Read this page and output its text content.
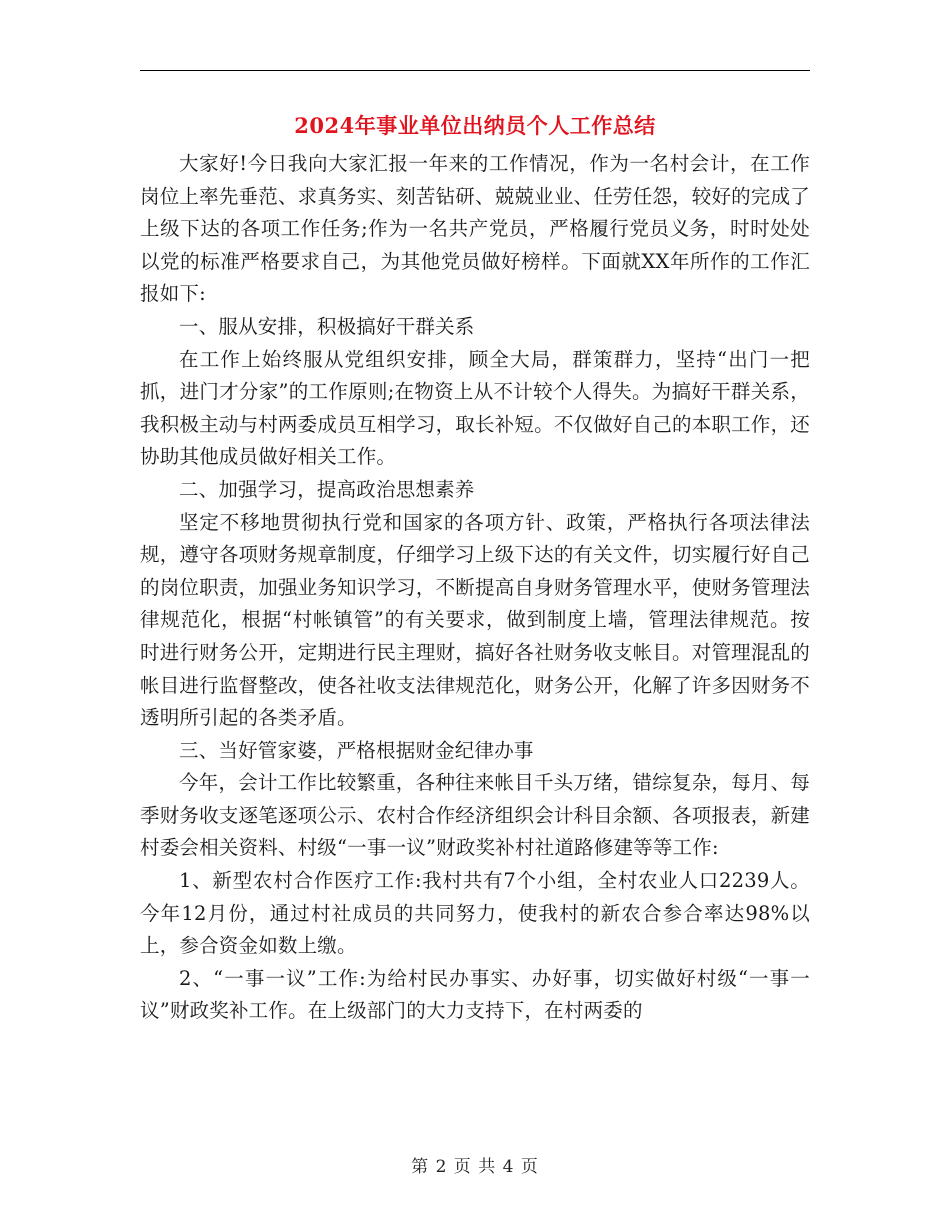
2024年事业单位出纳员个人工作总结

大家好!今日我向大家汇报一年来的工作情况，作为一名村会计，在工作岗位上率先垂范、求真务实、刻苦钻研、兢兢业业、任劳任怨，较好的完成了上级下达的各项工作任务;作为一名共产党员，严格履行党员义务，时时处处以党的标准严格要求自己，为其他党员做好榜样。下面就XX年所作的工作汇报如下:

一、服从安排，积极搞好干群关系

在工作上始终服从党组织安排，顾全大局，群策群力，坚持“出门一把抓，进门才分家”的工作原则;在物资上从不计较个人得失。为搞好干群关系，我积极主动与村两委成员互相学习，取长补短。不仅做好自己的本职工作，还协助其他成员做好相关工作。

二、加强学习，提高政治思想素养

坚定不移地贯彻执行党和国家的各项方针、政策，严格执行各项法律法规，遵守各项财务规章制度，仔细学习上级下达的有关文件，切实履行好自己的岗位职责，加强业务知识学习，不断提高自身财务管理水平，使财务管理法律规范化，根据“村帐镇管”的有关要求，做到制度上墙，管理法律规范。按时进行财务公开，定期进行民主理财，搞好各社财务收支帐目。对管理混乱的帐目进行监督整改，使各社收支法律规范化，财务公开，化解了许多因财务不透明所引起的各类矛盾。

三、当好管家婆，严格根据财金纪律办事

今年，会计工作比较繁重，各种往来帐目千头万绪，错综复杂，每月、每季财务收支逐笔逐项公示、农村合作经济组织会计科目余额、各项报表，新建村委会相关资料、村级“一事一议”财政奖补村社道路修建等等工作:

1、新型农村合作医疗工作:我村共有7个小组，全村农业人口2239人。今年12月份，通过村社成员的共同努力，使我村的新农合参合率达98%以上，参合资金如数上缴。

2、“一事一议”工作:为给村民办事实、办好事，切实做好村级“一事一议”财政奖补工作。在上级部门的大力支持下，在村两委的

第 2 页 共 4 页
